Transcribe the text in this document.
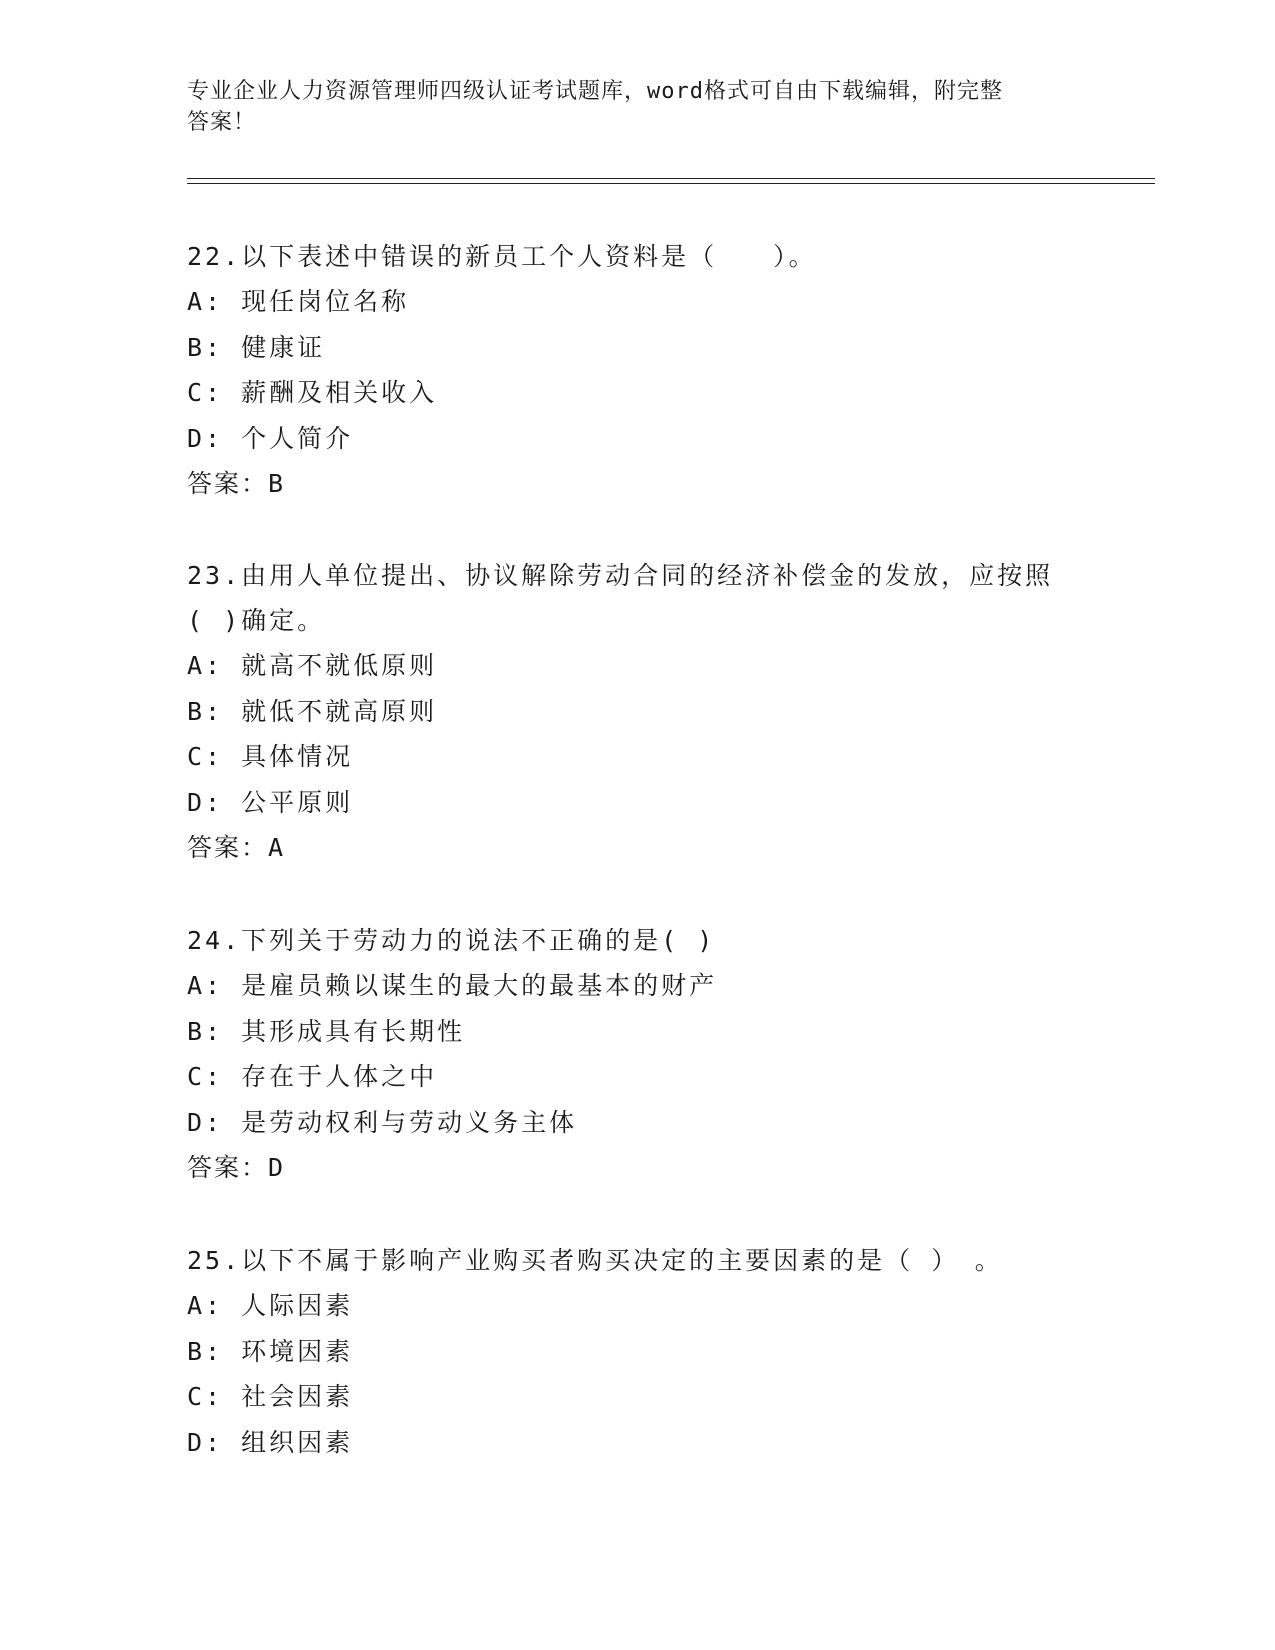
专业企业人力资源管理师四级认证考试题库，word格式可自由下载编辑，附完整
答案！
22.以下表述中错误的新员工个人资料是（　　）。
A: 现任岗位名称
B: 健康证
C: 薪酬及相关收入
D: 个人简介
答案：B
23.由用人单位提出、协议解除劳动合同的经济补偿金的发放，应按照
( )确定。
A: 就高不就低原则
B: 就低不就高原则
C: 具体情况
D: 公平原则
答案：A
24.下列关于劳动力的说法不正确的是( )
A: 是雇员赖以谋生的最大的最基本的财产
B: 其形成具有长期性
C: 存在于人体之中
D: 是劳动权利与劳动义务主体
答案：D
25.以下不属于影响产业购买者购买决定的主要因素的是（ ）　。
A: 人际因素
B: 环境因素
C: 社会因素
D: 组织因素
